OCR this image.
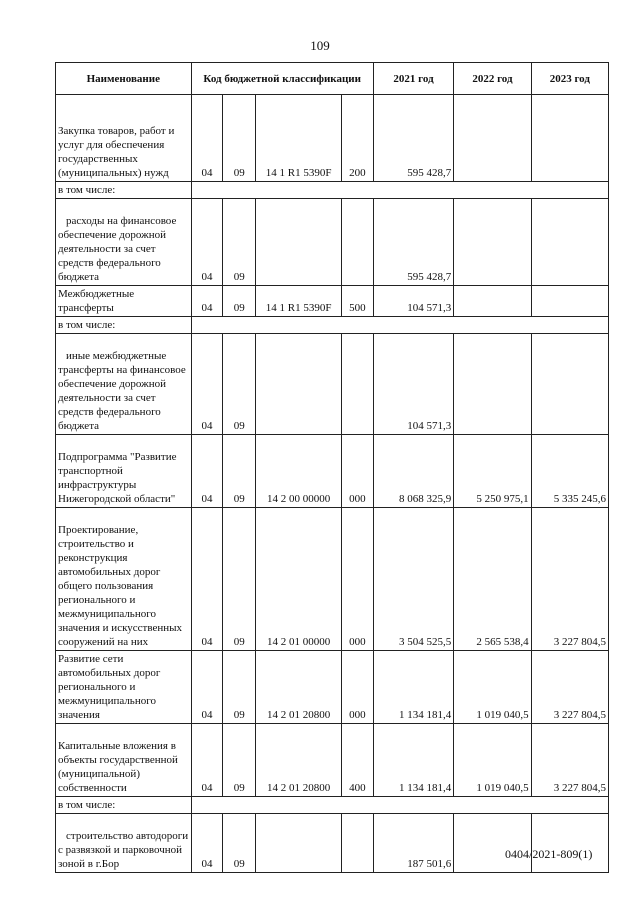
109
Наименование	Код бюджетной классификации				2021 год	2022 год	2023 год

Закупка товаров, работ и услуг для обеспечения государственных (муниципальных) нужд	04	09	14 1 R1 5390F	200	595 428,7		

в том числе:							

расходы на финансовое обеспечение дорожной деятельности за счет средств федерального бюджета	04	09			595 428,7		

Межбюджетные трансферты	04	09	14 1 R1 5390F	500	104 571,3		

в том числе:							

иные межбюджетные трансферты на финансовое обеспечение дорожной деятельности за счет средств федерального бюджета	04	09			104 571,3		

Подпрограмма "Развитие транспортной инфраструктуры Нижегородской области"	04	09	14 2 00 00000	000	8 068 325,9	5 250 975,1	5 335 245,6

Проектирование, строительство и реконструкция автомобильных дорог общего пользования регионального и межмуниципального значения и искусственных сооружений на них	04	09	14 2 01 00000	000	3 504 525,5	2 565 538,4	3 227 804,5

Развитие сети автомобильных дорог регионального и межмуниципального значения	04	09	14 2 01 20800	000	1 134 181,4	1 019 040,5	3 227 804,5

Капитальные вложения в объекты государственной (муниципальной) собственности	04	09	14 2 01 20800	400	1 134 181,4	1 019 040,5	3 227 804,5

в том числе:							

строительство автодороги с развязкой и парковочной зоной в г.Бор	04	09			187 501,6		
0404/2021-809(1)
